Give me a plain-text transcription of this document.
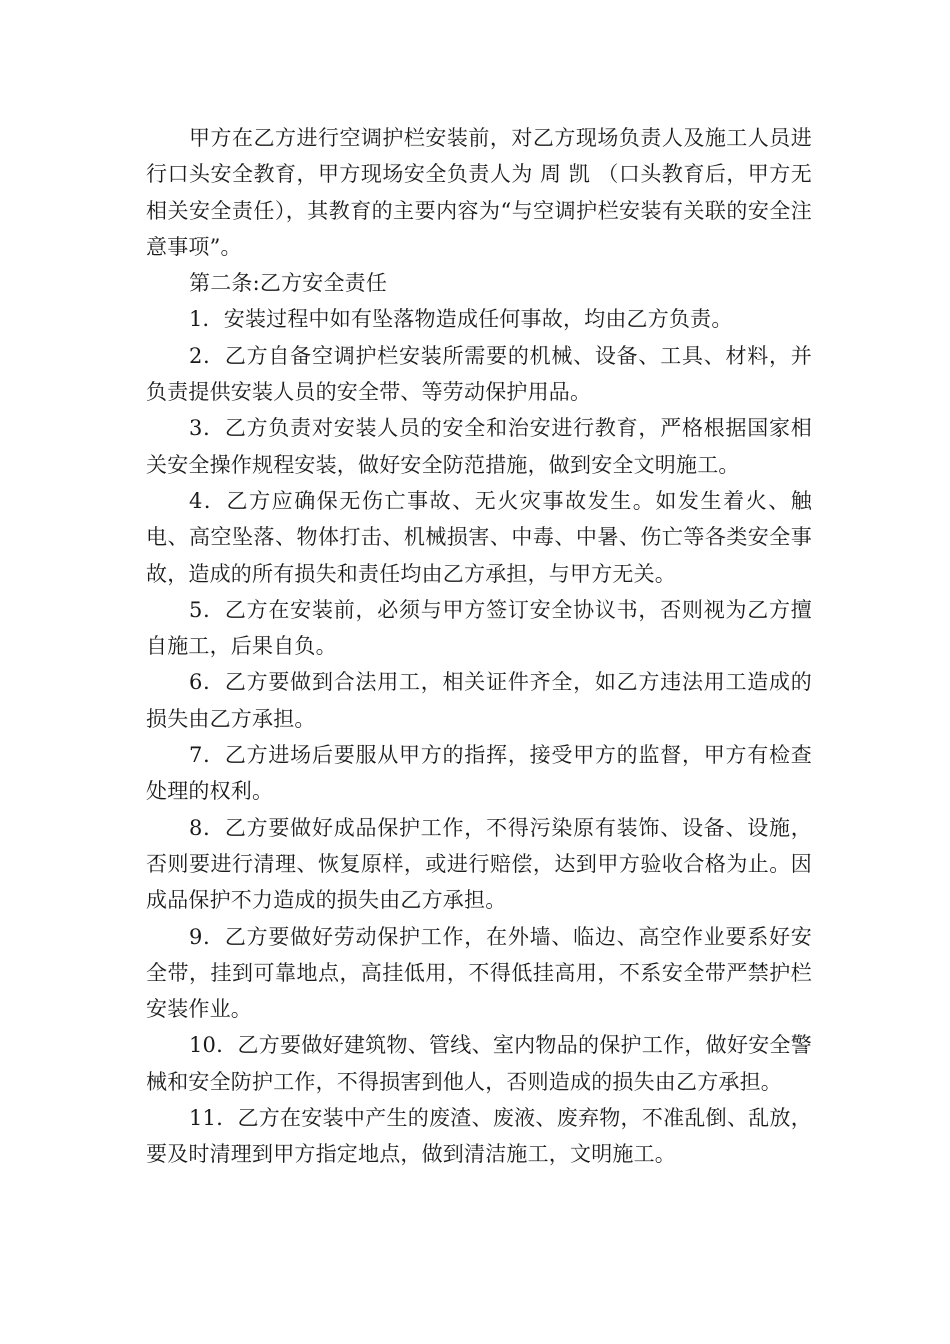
甲方在乙方进行空调护栏安装前，对乙方现场负责人及施工人员进行口头安全教育，甲方现场安全负责人为 周 凯 （口头教育后，甲方无相关安全责任），其教育的主要内容为“与空调护栏安装有关联的安全注意事项”。

第二条:乙方安全责任

1．安装过程中如有坠落物造成任何事故，均由乙方负责。

2．乙方自备空调护栏安装所需要的机械、设备、工具、材料，并负责提供安装人员的安全带、等劳动保护用品。

3．乙方负责对安装人员的安全和治安进行教育，严格根据国家相关安全操作规程安装，做好安全防范措施，做到安全文明施工。

4．乙方应确保无伤亡事故、无火灾事故发生。如发生着火、触电、高空坠落、物体打击、机械损害、中毒、中暑、伤亡等各类安全事故，造成的所有损失和责任均由乙方承担，与甲方无关。

5．乙方在安装前，必须与甲方签订安全协议书，否则视为乙方擅自施工，后果自负。

6．乙方要做到合法用工，相关证件齐全，如乙方违法用工造成的损失由乙方承担。

7．乙方进场后要服从甲方的指挥，接受甲方的监督，甲方有检查处理的权利。

8．乙方要做好成品保护工作，不得污染原有装饰、设备、设施，否则要进行清理、恢复原样，或进行赔偿，达到甲方验收合格为止。因成品保护不力造成的损失由乙方承担。

9．乙方要做好劳动保护工作，在外墙、临边、高空作业要系好安全带，挂到可靠地点，高挂低用，不得低挂高用，不系安全带严禁护栏安装作业。

10．乙方要做好建筑物、管线、室内物品的保护工作，做好安全警械和安全防护工作，不得损害到他人，否则造成的损失由乙方承担。

11．乙方在安装中产生的废渣、废液、废弃物，不准乱倒、乱放，要及时清理到甲方指定地点，做到清洁施工，文明施工。
